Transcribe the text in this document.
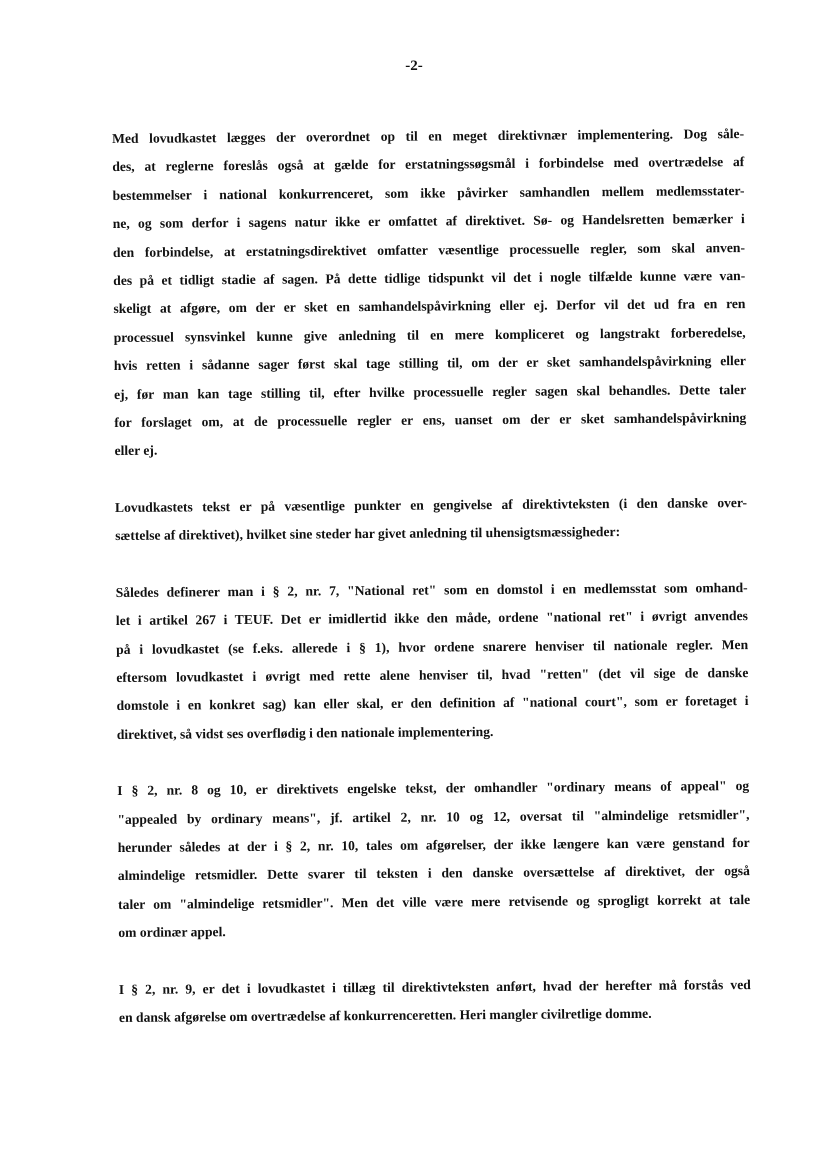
-2-

Med lovudkastet lægges der overordnet op til en meget direktivnær implementering. Dog såle-
des, at reglerne foreslås også at gælde for erstatningssøgsmål i forbindelse med overtrædelse af
bestemmelser i national konkurrenceret, som ikke påvirker samhandlen mellem medlemsstater-
ne, og som derfor i sagens natur ikke er omfattet af direktivet. Sø- og Handelsretten bemærker i
den forbindelse, at erstatningsdirektivet omfatter væsentlige processuelle regler, som skal anven-
des på et tidligt stadie af sagen. På dette tidlige tidspunkt vil det i nogle tilfælde kunne være van-
skeligt at afgøre, om der er sket en samhandelspåvirkning eller ej. Derfor vil det ud fra en ren
processuel synsvinkel kunne give anledning til en mere kompliceret og langstrakt forberedelse,
hvis retten i sådanne sager først skal tage stilling til, om der er sket samhandelspåvirkning eller
ej, før man kan tage stilling til, efter hvilke processuelle regler sagen skal behandles. Dette taler
for forslaget om, at de processuelle regler er ens, uanset om der er sket samhandelspåvirkning
eller ej.

Lovudkastets tekst er på væsentlige punkter en gengivelse af direktivteksten (i den danske over-
sættelse af direktivet), hvilket sine steder har givet anledning til uhensigtsmæssigheder:

Således definerer man i § 2, nr. 7, "National ret" som en domstol i en medlemsstat som omhand-
let i artikel 267 i TEUF. Det er imidlertid ikke den måde, ordene "national ret" i øvrigt anvendes
på i lovudkastet (se f.eks. allerede i § 1), hvor ordene snarere henviser til nationale regler. Men
eftersom lovudkastet i øvrigt med rette alene henviser til, hvad "retten" (det vil sige de danske
domstole i en konkret sag) kan eller skal, er den definition af "national court", som er foretaget i
direktivet, så vidst ses overflødig i den nationale implementering.

I § 2, nr. 8 og 10, er direktivets engelske tekst, der omhandler "ordinary means of appeal" og
"appealed by ordinary means", jf. artikel 2, nr. 10 og 12, oversat til "almindelige retsmidler",
herunder således at der i § 2, nr. 10, tales om afgørelser, der ikke længere kan være genstand for
almindelige retsmidler. Dette svarer til teksten i den danske oversættelse af direktivet, der også
taler om "almindelige retsmidler". Men det ville være mere retvisende og sprogligt korrekt at tale
om ordinær appel.

I § 2, nr. 9, er det i lovudkastet i tillæg til direktivteksten anført, hvad der herefter må forstås ved
en dansk afgørelse om overtrædelse af konkurrenceretten. Heri mangler civilretlige domme.
